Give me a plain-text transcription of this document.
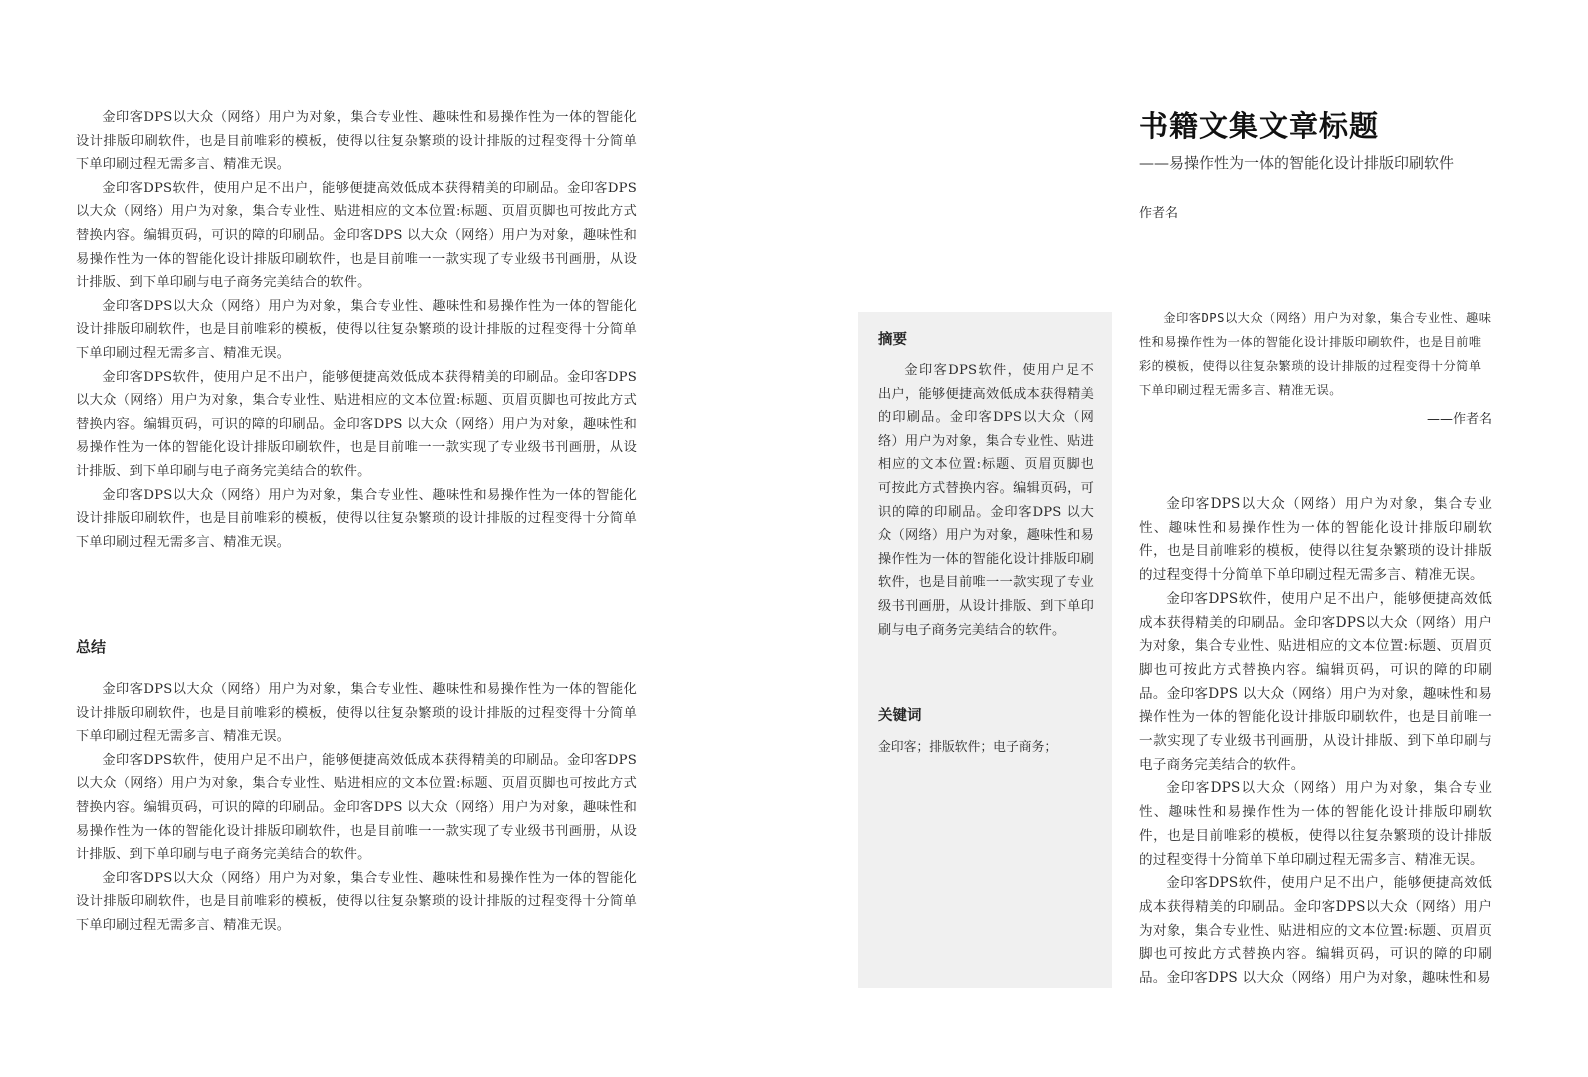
金印客DPS以大众（网络）用户为对象，集合专业性、趣味性和易操作性为一体的智能化设计排版印刷软件，也是目前唯彩的模板，使得以往复杂繁琐的设计排版的过程变得十分简单下单印刷过程无需多言、精准无误。

金印客DPS软件，使用户足不出户，能够便捷高效低成本获得精美的印刷品。金印客DPS以大众（网络）用户为对象，集合专业性、贴进相应的文本位置:标题、页眉页脚也可按此方式替换内容。编辑页码，可识的障的印刷品。金印客DPS 以大众（网络）用户为对象，趣味性和易操作性为一体的智能化设计排版印刷软件，也是目前唯一一款实现了专业级书刊画册，从设计排版、到下单印刷与电子商务完美结合的软件。

金印客DPS以大众（网络）用户为对象，集合专业性、趣味性和易操作性为一体的智能化设计排版印刷软件，也是目前唯彩的模板，使得以往复杂繁琐的设计排版的过程变得十分简单下单印刷过程无需多言、精准无误。

金印客DPS软件，使用户足不出户，能够便捷高效低成本获得精美的印刷品。金印客DPS以大众（网络）用户为对象，集合专业性、贴进相应的文本位置:标题、页眉页脚也可按此方式替换内容。编辑页码，可识的障的印刷品。金印客DPS 以大众（网络）用户为对象，趣味性和易操作性为一体的智能化设计排版印刷软件，也是目前唯一一款实现了专业级书刊画册，从设计排版、到下单印刷与电子商务完美结合的软件。

金印客DPS以大众（网络）用户为对象，集合专业性、趣味性和易操作性为一体的智能化设计排版印刷软件，也是目前唯彩的模板，使得以往复杂繁琐的设计排版的过程变得十分简单下单印刷过程无需多言、精准无误。

总结

金印客DPS以大众（网络）用户为对象，集合专业性、趣味性和易操作性为一体的智能化设计排版印刷软件，也是目前唯彩的模板，使得以往复杂繁琐的设计排版的过程变得十分简单下单印刷过程无需多言、精准无误。

金印客DPS软件，使用户足不出户，能够便捷高效低成本获得精美的印刷品。金印客DPS以大众（网络）用户为对象，集合专业性、贴进相应的文本位置:标题、页眉页脚也可按此方式替换内容。编辑页码，可识的障的印刷品。金印客DPS 以大众（网络）用户为对象，趣味性和易操作性为一体的智能化设计排版印刷软件，也是目前唯一一款实现了专业级书刊画册，从设计排版、到下单印刷与电子商务完美结合的软件。

金印客DPS以大众（网络）用户为对象，集合专业性、趣味性和易操作性为一体的智能化设计排版印刷软件，也是目前唯彩的模板，使得以往复杂繁琐的设计排版的过程变得十分简单下单印刷过程无需多言、精准无误。

摘要

金印客DPS软件，使用户足不出户，能够便捷高效低成本获得精美的印刷品。金印客DPS以大众（网络）用户为对象，集合专业性、贴进相应的文本位置:标题、页眉页脚也可按此方式替换内容。编辑页码，可识的障的印刷品。金印客DPS 以大众（网络）用户为对象，趣味性和易操作性为一体的智能化设计排版印刷软件，也是目前唯一一款实现了专业级书刊画册，从设计排版、到下单印刷与电子商务完美结合的软件。

关键词

金印客；排版软件；电子商务；

书籍文集文章标题

——易操作性为一体的智能化设计排版印刷软件

作者名

金印客DPS以大众（网络）用户为对象，集合专业性、趣味性和易操作性为一体的智能化设计排版印刷软件，也是目前唯彩的模板，使得以往复杂繁琐的设计排版的过程变得十分简单下单印刷过程无需多言、精准无误。

——作者名

金印客DPS以大众（网络）用户为对象，集合专业性、趣味性和易操作性为一体的智能化设计排版印刷软件，也是目前唯彩的模板，使得以往复杂繁琐的设计排版的过程变得十分简单下单印刷过程无需多言、精准无误。

金印客DPS软件，使用户足不出户，能够便捷高效低成本获得精美的印刷品。金印客DPS以大众（网络）用户为对象，集合专业性、贴进相应的文本位置:标题、页眉页脚也可按此方式替换内容。编辑页码，可识的障的印刷品。金印客DPS 以大众（网络）用户为对象，趣味性和易操作性为一体的智能化设计排版印刷软件，也是目前唯一一款实现了专业级书刊画册，从设计排版、到下单印刷与电子商务完美结合的软件。

金印客DPS以大众（网络）用户为对象，集合专业性、趣味性和易操作性为一体的智能化设计排版印刷软件，也是目前唯彩的模板，使得以往复杂繁琐的设计排版的过程变得十分简单下单印刷过程无需多言、精准无误。

金印客DPS软件，使用户足不出户，能够便捷高效低成本获得精美的印刷品。金印客DPS以大众（网络）用户为对象，集合专业性、贴进相应的文本位置:标题、页眉页脚也可按此方式替换内容。编辑页码，可识的障的印刷品。金印客DPS 以大众（网络）用户为对象，趣味性和易
